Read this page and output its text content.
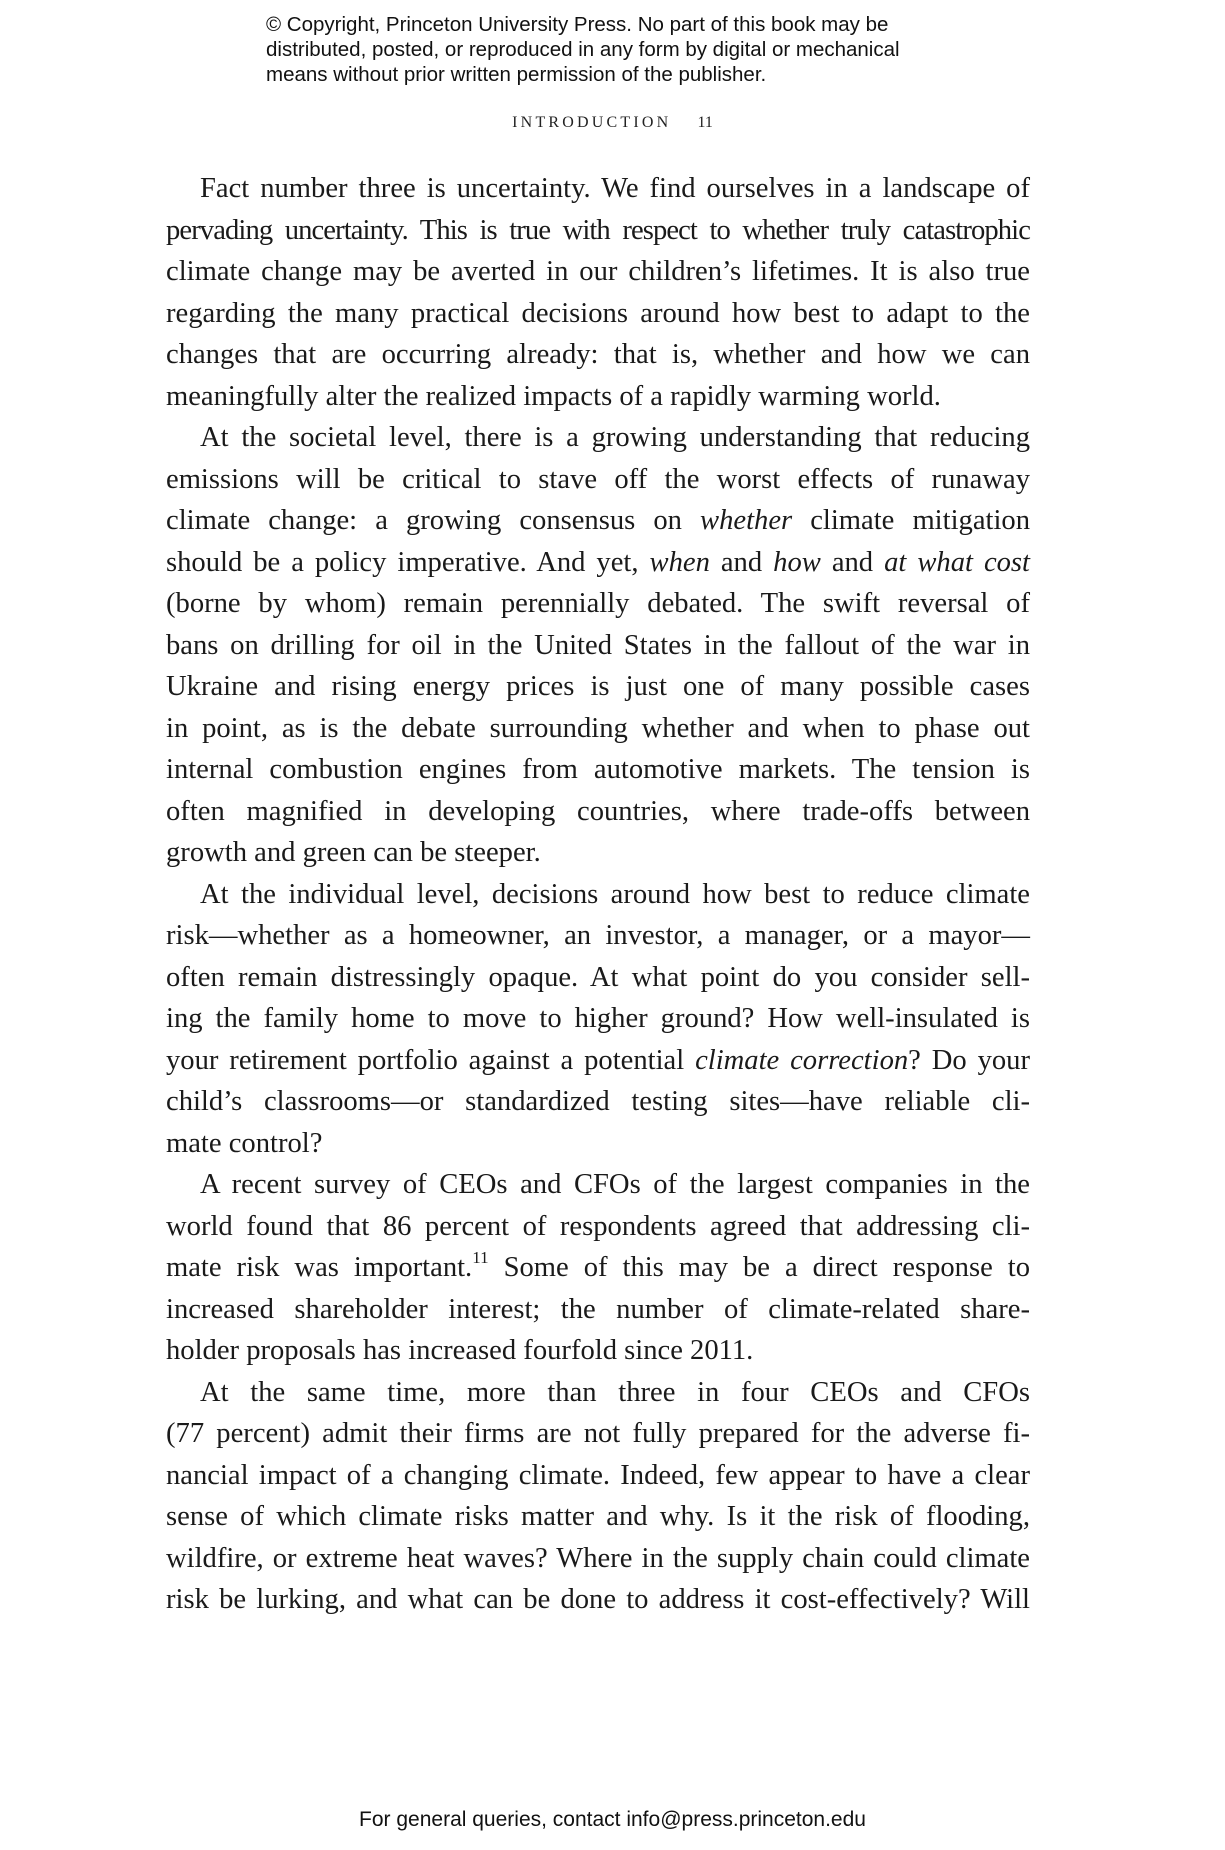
© Copyright, Princeton University Press. No part of this book may be
distributed, posted, or reproduced in any form by digital or mechanical
means without prior written permission of the publisher.
INTRODUCTION 11
Fact number three is uncertainty. We find ourselves in a landscape of
pervading uncertainty. This is true with respect to whether truly catastrophic
climate change may be averted in our children’s lifetimes. It is also true
regarding the many practical decisions around how best to adapt to the
changes that are occurring already: that is, whether and how we can
meaningfully alter the realized impacts of a rapidly warming world.
At the societal level, there is a growing understanding that reducing
emissions will be critical to stave off the worst effects of runaway
climate change: a growing consensus on whether climate mitigation
should be a policy imperative. And yet, when and how and at what cost
(borne by whom) remain perennially debated. The swift reversal of
bans on drilling for oil in the United States in the fallout of the war in
Ukraine and rising energy prices is just one of many possible cases
in point, as is the debate surrounding whether and when to phase out
internal combustion engines from automotive markets. The tension is
often magnified in developing countries, where trade-offs between
growth and green can be steeper.
At the individual level, decisions around how best to reduce climate
risk—whether as a homeowner, an investor, a manager, or a mayor—
often remain distressingly opaque. At what point do you consider sell-
ing the family home to move to higher ground? How well-insulated is
your retirement portfolio against a potential climate correction? Do your
child’s classrooms—or standardized testing sites—have reliable cli-
mate control?
A recent survey of CEOs and CFOs of the largest companies in the
world found that 86 percent of respondents agreed that addressing cli-
mate risk was important.$^{11}$ Some of this may be a direct response to
increased shareholder interest; the number of climate-related share-
holder proposals has increased fourfold since 2011.
At the same time, more than three in four CEOs and CFOs
(77 percent) admit their firms are not fully prepared for the adverse fi-
nancial impact of a changing climate. Indeed, few appear to have a clear
sense of which climate risks matter and why. Is it the risk of flooding,
wildfire, or extreme heat waves? Where in the supply chain could climate
risk be lurking, and what can be done to address it cost-effectively? Will
For general queries, contact info@press.princeton.edu
